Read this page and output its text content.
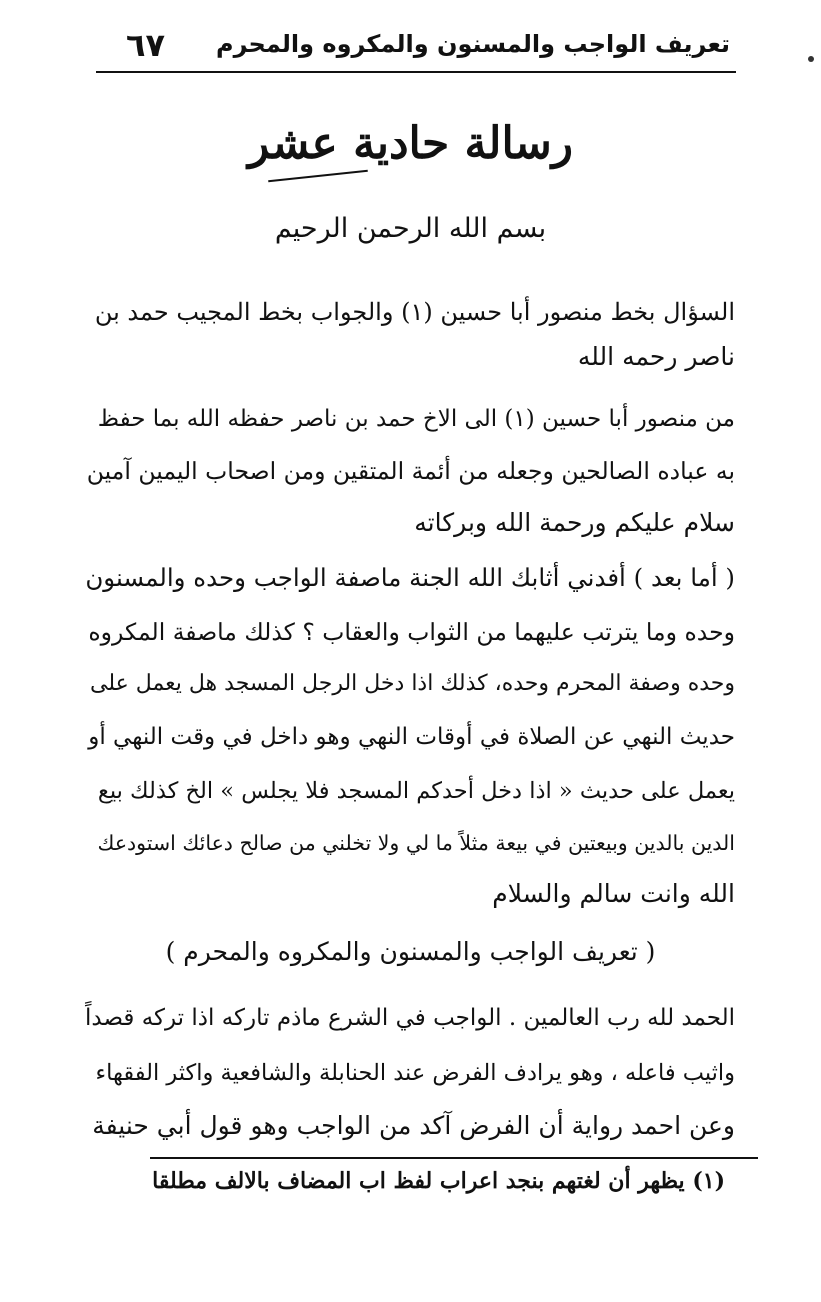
تعريف الواجب والمسنون والمكروه والمحرم
٦٧
رسالة حادية عشر
بسم الله الرحمن الرحيم
السؤال بخط منصور أبا حسين (١) والجواب بخط المجيب حمد بن
ناصر رحمه الله
من منصور أبا حسين (١) الى الاخ حمد بن ناصر حفظه الله بما حفظ
به عباده الصالحين وجعله من أئمة المتقين ومن اصحاب اليمين آمين
سلام عليكم ورحمة الله وبركاته
( أما بعد ) أفدني أثابك الله الجنة ماصفة الواجب وحده والمسنون
وحده وما يترتب عليهما من الثواب والعقاب ؟ كذلك ماصفة المكروه
وحده وصفة المحرم وحده، كذلك اذا دخل الرجل المسجد هل يعمل على
حديث النهي عن الصلاة في أوقات النهي وهو داخل في وقت النهي أو
يعمل على حديث « اذا دخل أحدكم المسجد فلا يجلس » الخ كذلك بيع
الدين بالدين وبيعتين في بيعة مثلاً ما لي ولا تخلني من صالح دعائك استودعك
الله وانت سالم والسلام
( تعريف الواجب والمسنون والمكروه والمحرم )
الحمد لله رب العالمين . الواجب في الشرع ماذم تاركه اذا تركه قصداً
واثيب فاعله ، وهو يرادف الفرض عند الحنابلة والشافعية واكثر الفقهاء
وعن احمد رواية أن الفرض آكد من الواجب وهو قول أبي حنيفة
(١) يظهر أن لغتهم بنجد اعراب لفظ اب المضاف بالالف مطلقا
